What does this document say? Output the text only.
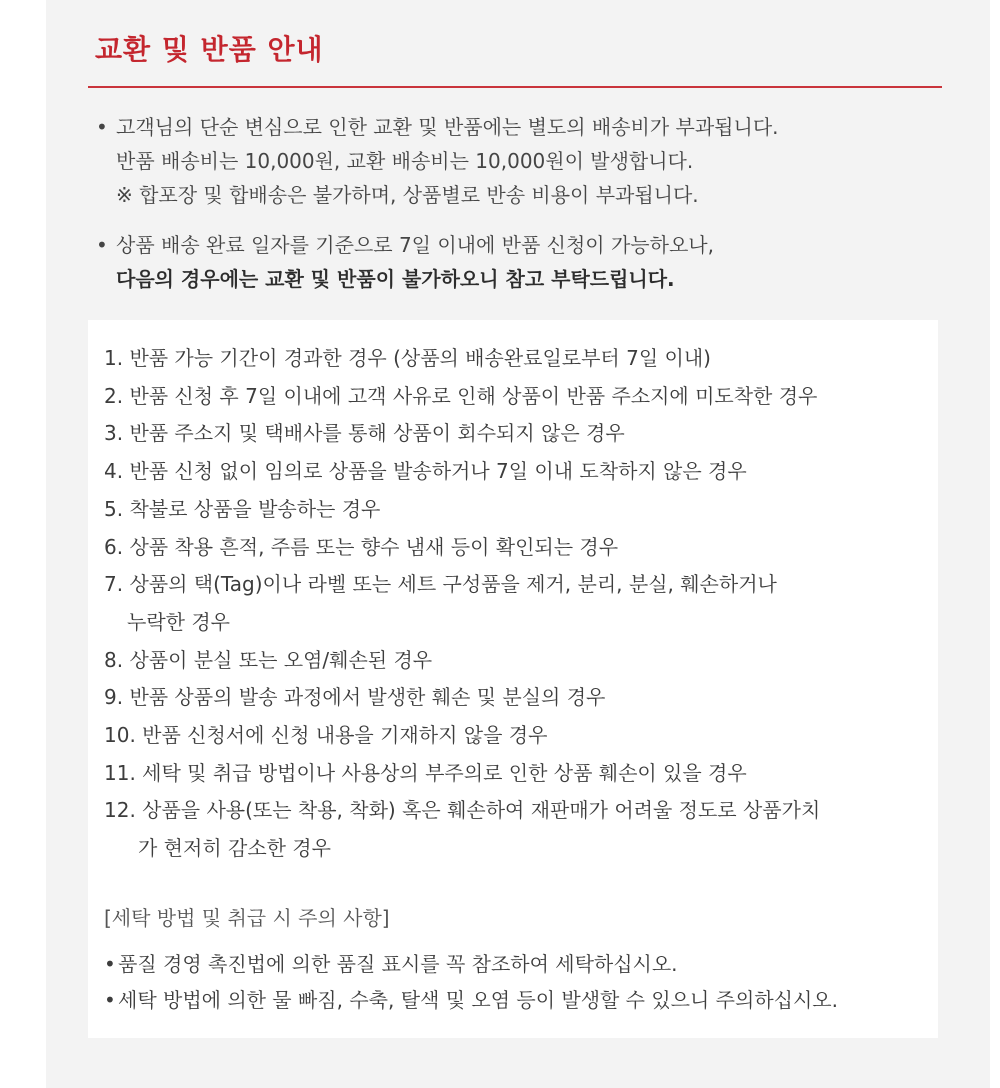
교환 및 반품 안내
• 고객님의 단순 변심으로 인한 교환 및 반품에는 별도의 배송비가 부과됩니다.
반품 배송비는 10,000원, 교환 배송비는 10,000원이 발생합니다.
※ 합포장 및 합배송은 불가하며, 상품별로 반송 비용이 부과됩니다.
• 상품 배송 완료 일자를 기준으로 7일 이내에 반품 신청이 가능하오나,
다음의 경우에는 교환 및 반품이 불가하오니 참고 부탁드립니다.
1. 반품 가능 기간이 경과한 경우 (상품의 배송완료일로부터 7일 이내)
2. 반품 신청 후 7일 이내에 고객 사유로 인해 상품이 반품 주소지에 미도착한 경우
3. 반품 주소지 및 택배사를 통해 상품이 회수되지 않은 경우
4. 반품 신청 없이 임의로 상품을 발송하거나 7일 이내 도착하지 않은 경우
5. 착불로 상품을 발송하는 경우
6. 상품 착용 흔적, 주름 또는 향수 냄새 등이 확인되는 경우
7. 상품의 택(Tag)이나 라벨 또는 세트 구성품을 제거, 분리, 분실, 훼손하거나
누락한 경우
8. 상품이 분실 또는 오염/훼손된 경우
9. 반품 상품의 발송 과정에서 발생한 훼손 및 분실의 경우
10. 반품 신청서에 신청 내용을 기재하지 않을 경우
11. 세탁 및 취급 방법이나 사용상의 부주의로 인한 상품 훼손이 있을 경우
12. 상품을 사용(또는 착용, 착화) 혹은 훼손하여 재판매가 어려울 정도로 상품가치
가 현저히 감소한 경우
[세탁 방법 및 취급 시 주의 사항]
• 품질 경영 촉진법에 의한 품질 표시를 꼭 참조하여 세탁하십시오.
• 세탁 방법에 의한 물 빠짐, 수축, 탈색 및 오염 등이 발생할 수 있으니 주의하십시오.
